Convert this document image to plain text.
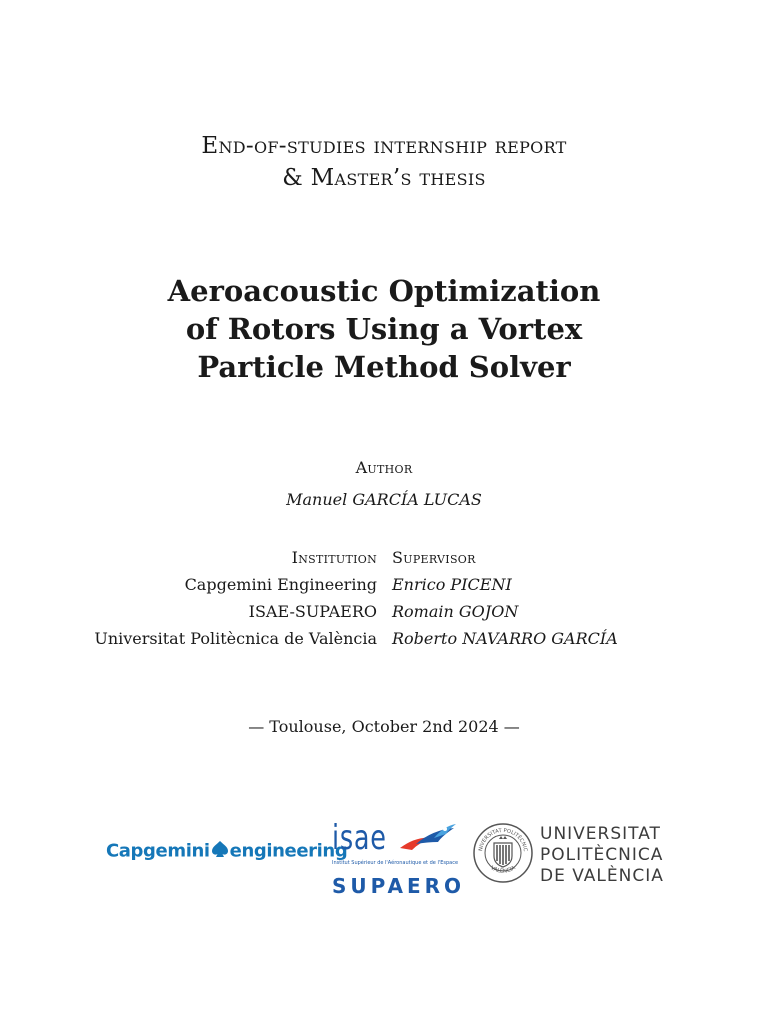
End-of-studies internship report
& Master’s thesis
Aeroacoustic Optimization
of Rotors Using a Vortex
Particle Method Solver
Author
Manuel GARCÍA LUCAS
Institution
Capgemini Engineering
ISAE-SUPAERO
Universitat Politècnica de València
Supervisor
Enrico PICENI
Romain GOJON
Roberto NAVARRO GARCÍA
— Toulouse, October 2nd 2024 —
Capgemini engineering
isae
Institut Supérieur de l'Aéronautique et de l'Espace
SUPAERO
NIVERSITAT POLITÈCNIC
VALÈNCIA
UNIVERSITAT
POLITÈCNICA
DE VALÈNCIA
